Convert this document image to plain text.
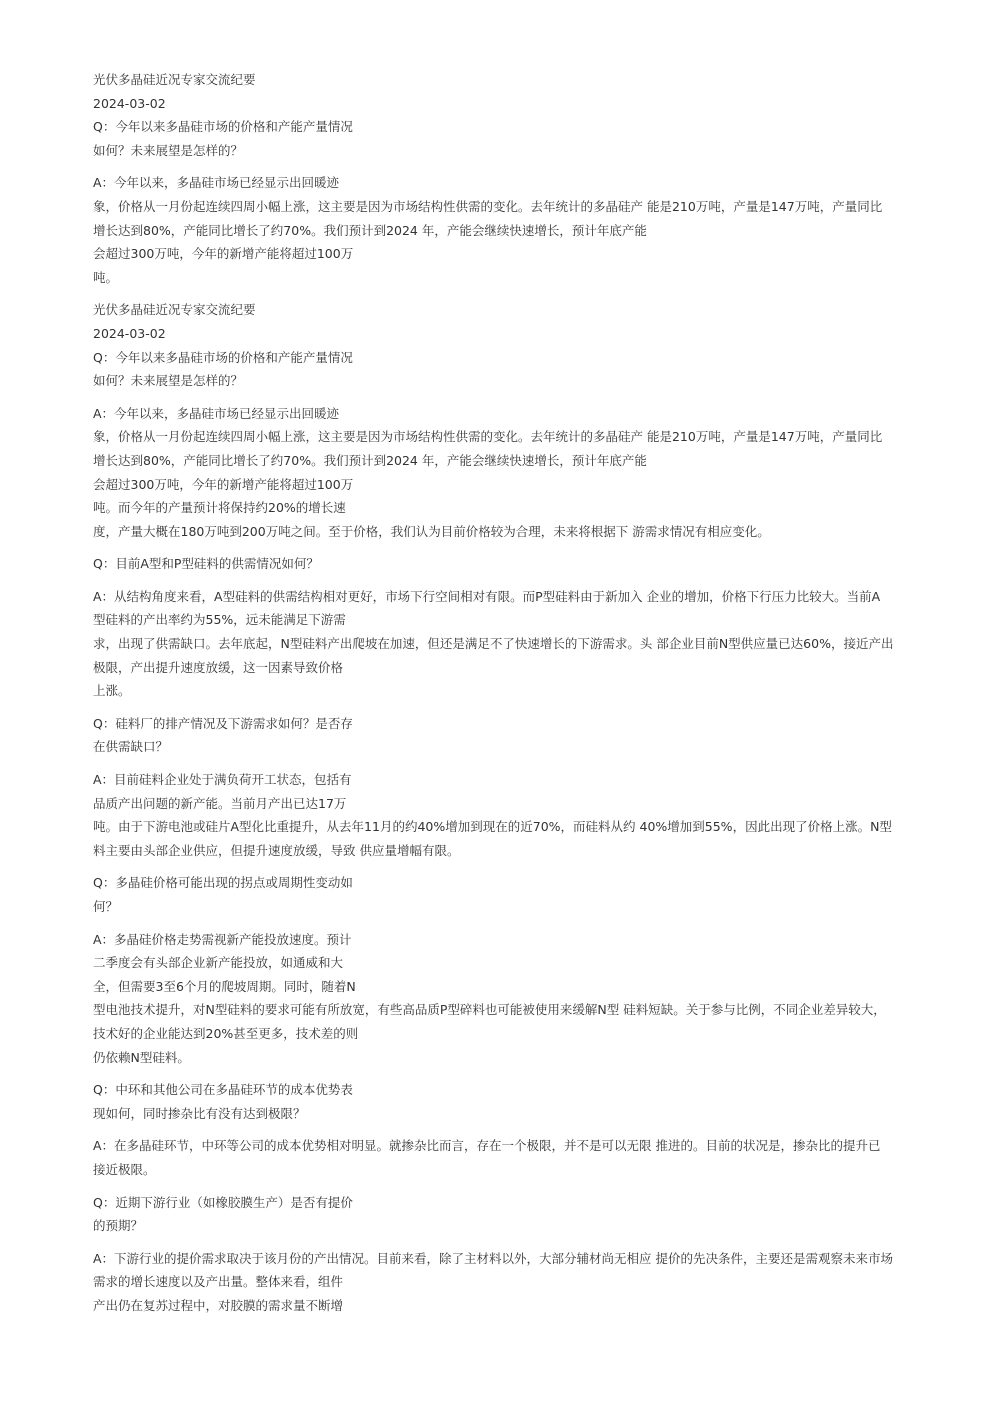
光伏多晶硅近况专家交流纪要
2024-03-02
Q：今年以来多晶硅市场的价格和产能产量情况
如何？未来展望是怎样的？
A：今年以来，多晶硅市场已经显示出回暖迹
象，价格从一月份起连续四周小幅上涨，这主要是因为市场结构性供需的变化。去年统计的多晶硅产 能是210万吨，产量是147万吨，产量同比
增长达到80%，产能同比增长了约70%。我们预计到2024 年，产能会继续快速增长，预计年底产能
会超过300万吨，今年的新增产能将超过100万
吨。
光伏多晶硅近况专家交流纪要
2024-03-02
Q：今年以来多晶硅市场的价格和产能产量情况
如何？未来展望是怎样的？
A：今年以来，多晶硅市场已经显示出回暖迹
象，价格从一月份起连续四周小幅上涨，这主要是因为市场结构性供需的变化。去年统计的多晶硅产 能是210万吨，产量是147万吨，产量同比
增长达到80%，产能同比增长了约70%。我们预计到2024 年，产能会继续快速增长，预计年底产能
会超过300万吨，今年的新增产能将超过100万
吨。而今年的产量预计将保持约20%的增长速
度，产量大概在180万吨到200万吨之间。至于价格，我们认为目前价格较为合理，未来将根据下 游需求情况有相应变化。
Q：目前A型和P型硅料的供需情况如何？
A：从结构角度来看，A型硅料的供需结构相对更好，市场下行空间相对有限。而P型硅料由于新加入 企业的增加，价格下行压力比较大。当前A
型硅料的产出率约为55%，远未能满足下游需
求，出现了供需缺口。去年底起，N型硅料产出爬坡在加速，但还是满足不了快速增长的下游需求。头 部企业目前N型供应量已达60%，接近产出
极限，产出提升速度放缓，这一因素导致价格
上涨。
Q：硅料厂的排产情况及下游需求如何？是否存
在供需缺口？
A：目前硅料企业处于满负荷开工状态，包括有
品质产出问题的新产能。当前月产出已达17万
吨。由于下游电池或硅片A型化比重提升，从去年11月的约40%增加到现在的近70%，而硅料从约 40%增加到55%，因此出现了价格上涨。N型
料主要由头部企业供应，但提升速度放缓，导致 供应量增幅有限。
Q：多晶硅价格可能出现的拐点或周期性变动如
何？
A：多晶硅价格走势需视新产能投放速度。预计
二季度会有头部企业新产能投放，如通威和大
全，但需要3至6个月的爬坡周期。同时，随着N
型电池技术提升，对N型硅料的要求可能有所放宽，有些高品质P型碎料也可能被使用来缓解N型 硅料短缺。关于参与比例，不同企业差异较大，
技术好的企业能达到20%甚至更多，技术差的则
仍依赖N型硅料。
Q：中环和其他公司在多晶硅环节的成本优势表
现如何，同时掺杂比有没有达到极限？
A：在多晶硅环节，中环等公司的成本优势相对明显。就掺杂比而言，存在一个极限，并不是可以无限 推进的。目前的状况是，掺杂比的提升已
接近极限。
Q：近期下游行业（如橡胶膜生产）是否有提价
的预期？
A：下游行业的提价需求取决于该月份的产出情况。目前来看，除了主材料以外，大部分辅材尚无相应 提价的先决条件，主要还是需观察未来市场
需求的增长速度以及产出量。整体来看，组件
产出仍在复苏过程中，对胶膜的需求量不断增
